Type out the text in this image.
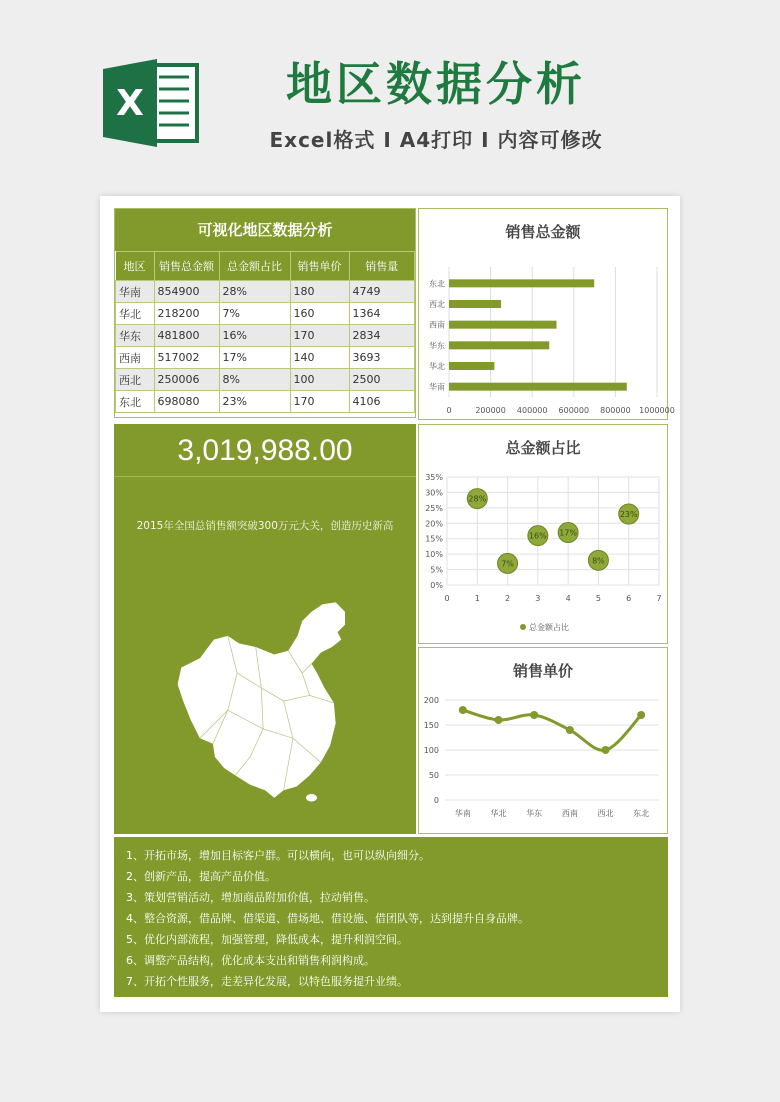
X	地区数据分析
Excel格式 I A4打印 I 内容可修改
可视化地区数据分析
地区	销售总金额	总金额占比	销售单价	销售量
华南	854900	28%	180	4749
华北	218200	7%	160	1364
华东	481800	16%	170	2834
西南	517002	17%	140	3693
西北	250006	8%	100	2500
东北	698080	23%	170	4106
销售总金额
0	200000 400000 600000 800000 1000000
东北
西北
西南
华东
华北
华南
3,019,988.00
2015年全国总销售额突破300万元大关，创造历史新高
总金额占比
0%
5%
10%
15%
20%
25%
30%
35%
0	1	2	3	4	5	6	7
28%
7%
16% 17%
8%
23%
总金额占比
销售单价
0
50
100
150
200
华南 华北 华东 西南 西北 东北
1、开拓市场，增加目标客户群。可以横向，也可以纵向细分。
2、创新产品，提高产品价值。
3、策划营销活动，增加商品附加价值，拉动销售。
4、整合资源，借品牌、借渠道、借场地、借设施、借团队等，达到提升自身品牌。
5、优化内部流程，加强管理，降低成本，提升利润空间。
6、调整产品结构，优化成本支出和销售利润构成。
7、开拓个性服务，走差异化发展，以特色服务提升业绩。
